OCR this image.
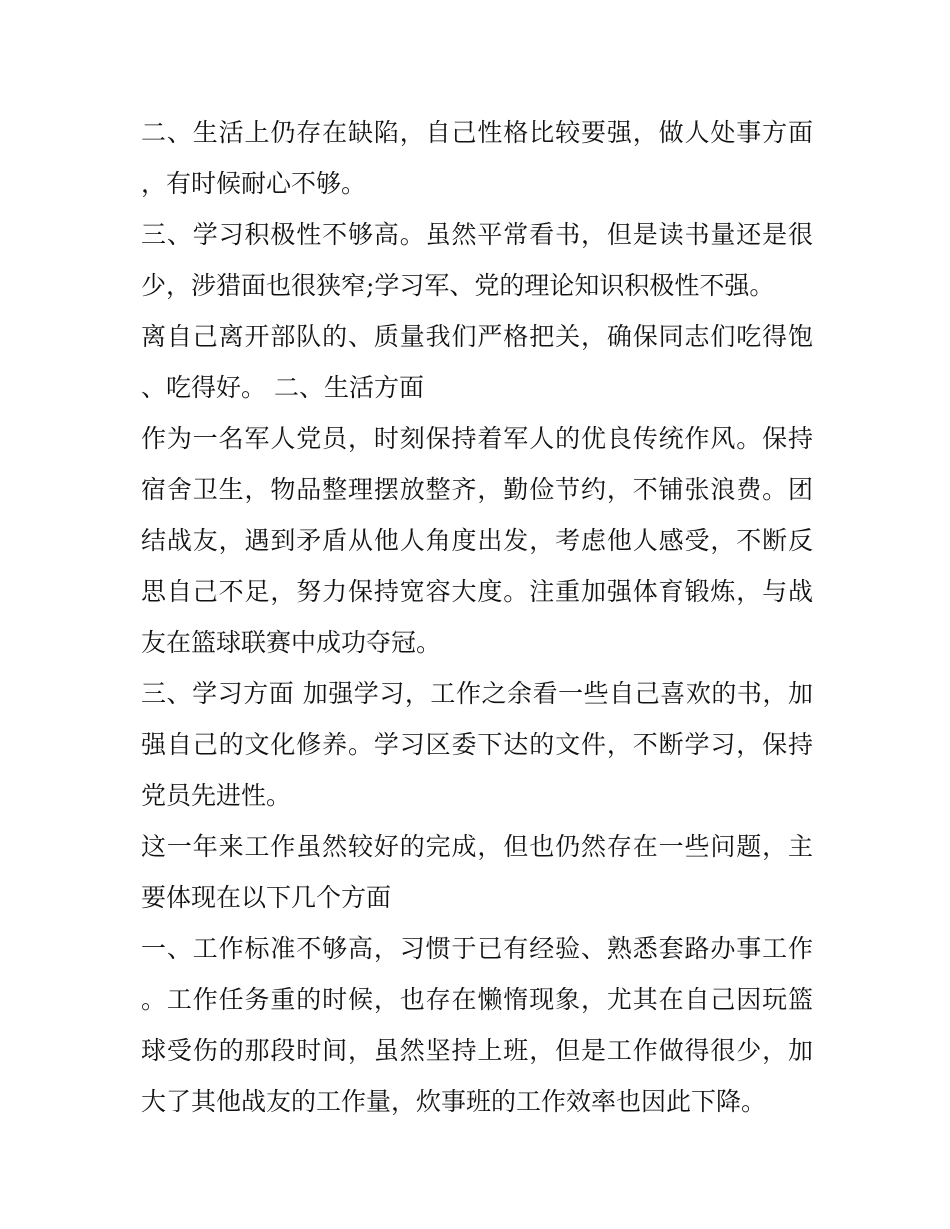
二、生活上仍存在缺陷，自己性格比较要强，做人处事方面，有时候耐心不够。

三、学习积极性不够高。虽然平常看书，但是读书量还是很少，涉猎面也很狭窄;学习军、党的理论知识积极性不强。

离自己离开部队的、质量我们严格把关，确保同志们吃得饱、吃得好。 二、生活方面

作为一名军人党员，时刻保持着军人的优良传统作风。保持宿舍卫生，物品整理摆放整齐，勤俭节约，不铺张浪费。团结战友，遇到矛盾从他人角度出发，考虑他人感受，不断反思自己不足，努力保持宽容大度。注重加强体育锻炼，与战友在篮球联赛中成功夺冠。

三、学习方面 加强学习，工作之余看一些自己喜欢的书，加强自己的文化修养。学习区委下达的文件，不断学习，保持党员先进性。

这一年来工作虽然较好的完成，但也仍然存在一些问题，主要体现在以下几个方面

一、工作标准不够高，习惯于已有经验、熟悉套路办事工作。工作任务重的时候，也存在懒惰现象，尤其在自己因玩篮球受伤的那段时间，虽然坚持上班，但是工作做得很少，加大了其他战友的工作量，炊事班的工作效率也因此下降。
